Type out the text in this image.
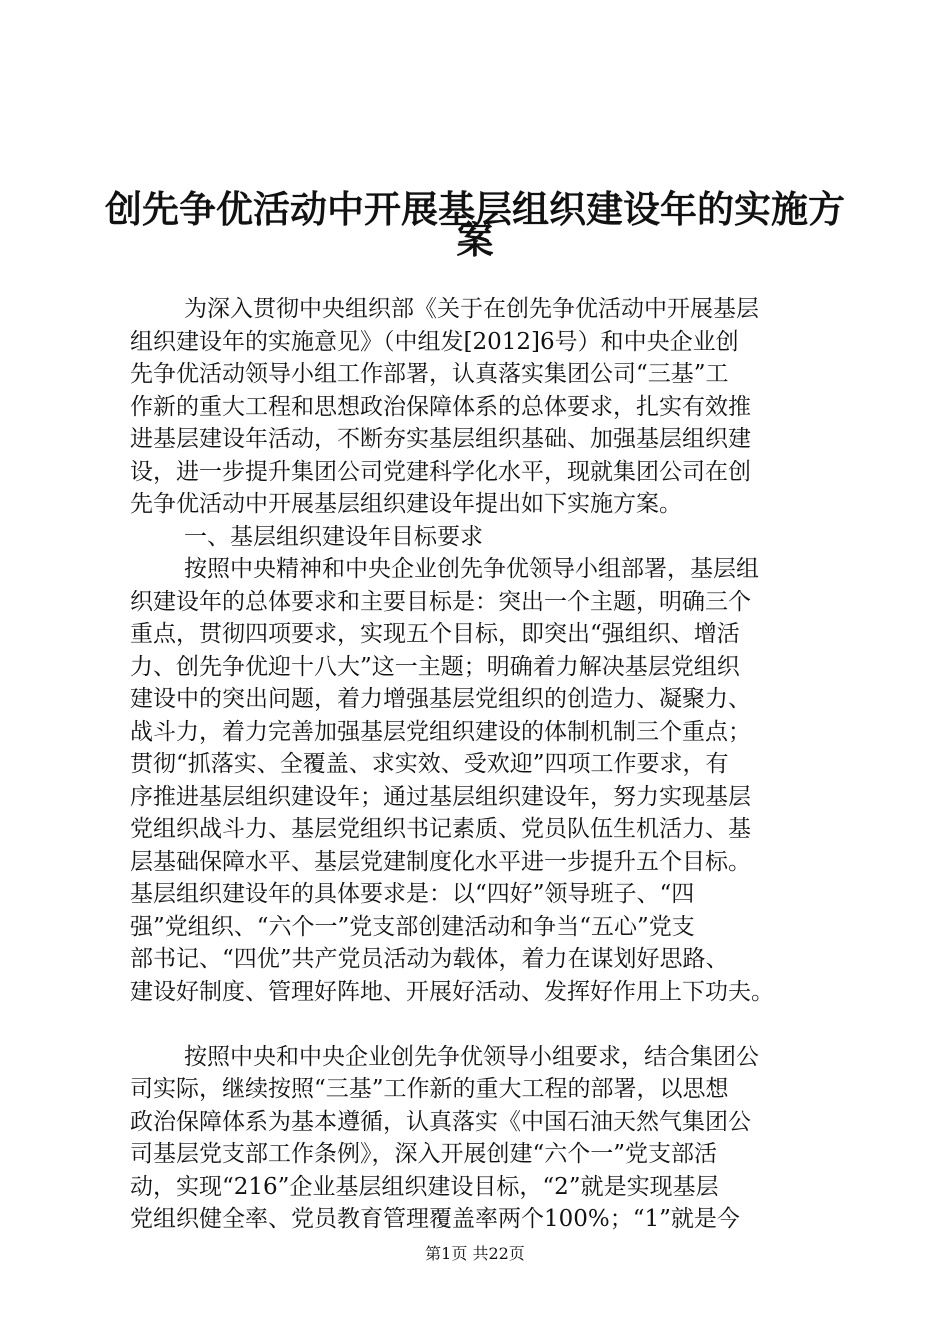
创先争优活动中开展基层组织建设年的实施方
案
为深入贯彻中央组织部《关于在创先争优活动中开展基层
组织建设年的实施意见》（中组发[2012]6号）和中央企业创
先争优活动领导小组工作部署，认真落实集团公司“三基”工
作新的重大工程和思想政治保障体系的总体要求，扎实有效推
进基层建设年活动，不断夯实基层组织基础、加强基层组织建
设，进一步提升集团公司党建科学化水平，现就集团公司在创
先争优活动中开展基层组织建设年提出如下实施方案。
一、基层组织建设年目标要求
按照中央精神和中央企业创先争优领导小组部署，基层组
织建设年的总体要求和主要目标是：突出一个主题，明确三个
重点，贯彻四项要求，实现五个目标，即突出“强组织、增活
力、创先争优迎十八大”这一主题；明确着力解决基层党组织
建设中的突出问题，着力增强基层党组织的创造力、凝聚力、
战斗力，着力完善加强基层党组织建设的体制机制三个重点；
贯彻“抓落实、全覆盖、求实效、受欢迎”四项工作要求，有
序推进基层组织建设年；通过基层组织建设年，努力实现基层
党组织战斗力、基层党组织书记素质、党员队伍生机活力、基
层基础保障水平、基层党建制度化水平进一步提升五个目标。
基层组织建设年的具体要求是：以“四好”领导班子、“四
强”党组织、“六个一”党支部创建活动和争当“五心”党支
部书记、“四优”共产党员活动为载体，着力在谋划好思路、
建设好制度、管理好阵地、开展好活动、发挥好作用上下功夫。
按照中央和中央企业创先争优领导小组要求，结合集团公
司实际，继续按照“三基”工作新的重大工程的部署，以思想
政治保障体系为基本遵循，认真落实《中国石油天然气集团公
司基层党支部工作条例》，深入开展创建“六个一”党支部活
动，实现“216”企业基层组织建设目标，“2”就是实现基层
党组织健全率、党员教育管理覆盖率两个100%；“1”就是今
第1页 共22页
